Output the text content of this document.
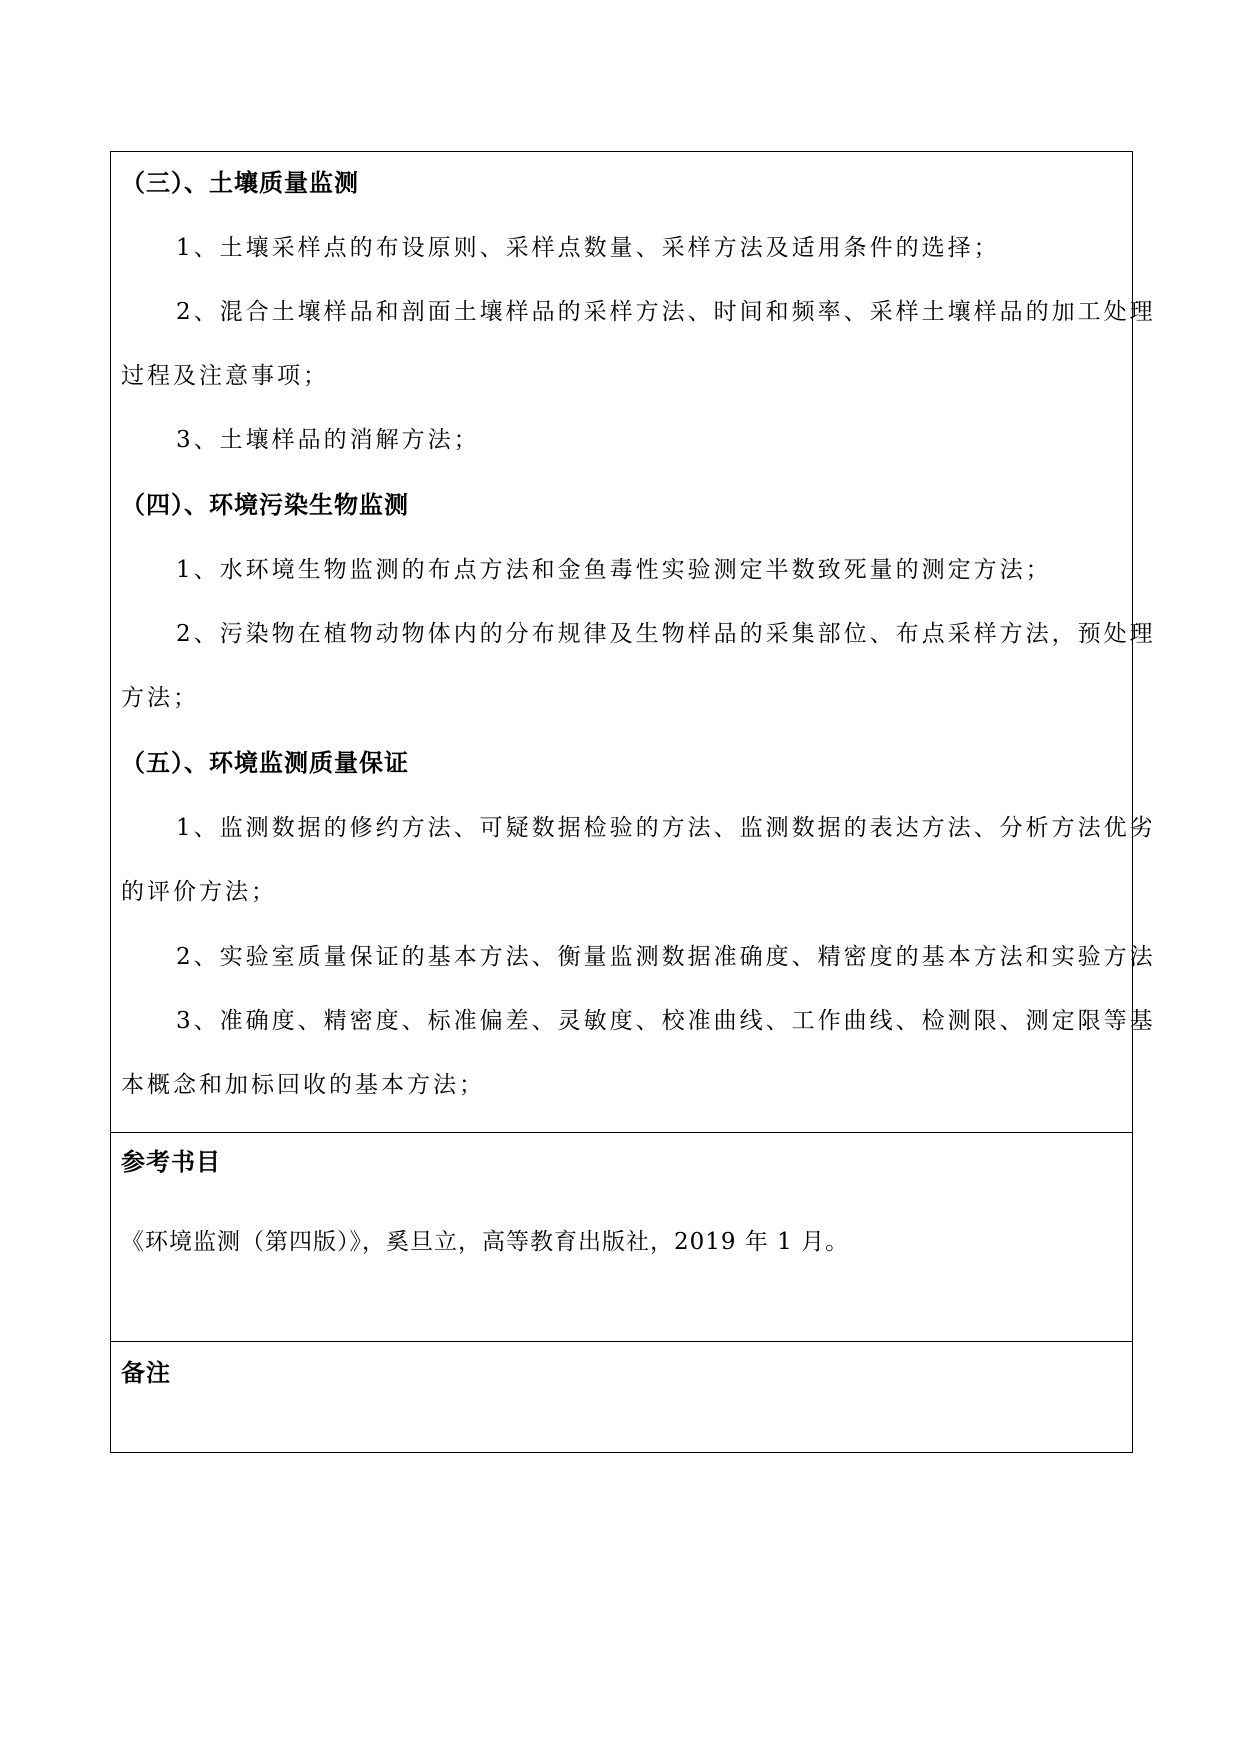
（三）、土壤质量监测
1、土壤采样点的布设原则、采样点数量、采样方法及适用条件的选择；
2、混合土壤样品和剖面土壤样品的采样方法、时间和频率、采样土壤样品的加工处理
过程及注意事项；
3、土壤样品的消解方法；
（四）、环境污染生物监测
1、水环境生物监测的布点方法和金鱼毒性实验测定半数致死量的测定方法；
2、污染物在植物动物体内的分布规律及生物样品的采集部位、布点采样方法，预处理
方法；
（五）、环境监测质量保证
1、监测数据的修约方法、可疑数据检验的方法、监测数据的表达方法、分析方法优劣
的评价方法；
2、实验室质量保证的基本方法、衡量监测数据准确度、精密度的基本方法和实验方法
3、准确度、精密度、标准偏差、灵敏度、校准曲线、工作曲线、检测限、测定限等基
本概念和加标回收的基本方法；
参考书目
《环境监测（第四版）》，奚旦立，高等教育出版社，2019 年 1 月。
备注
